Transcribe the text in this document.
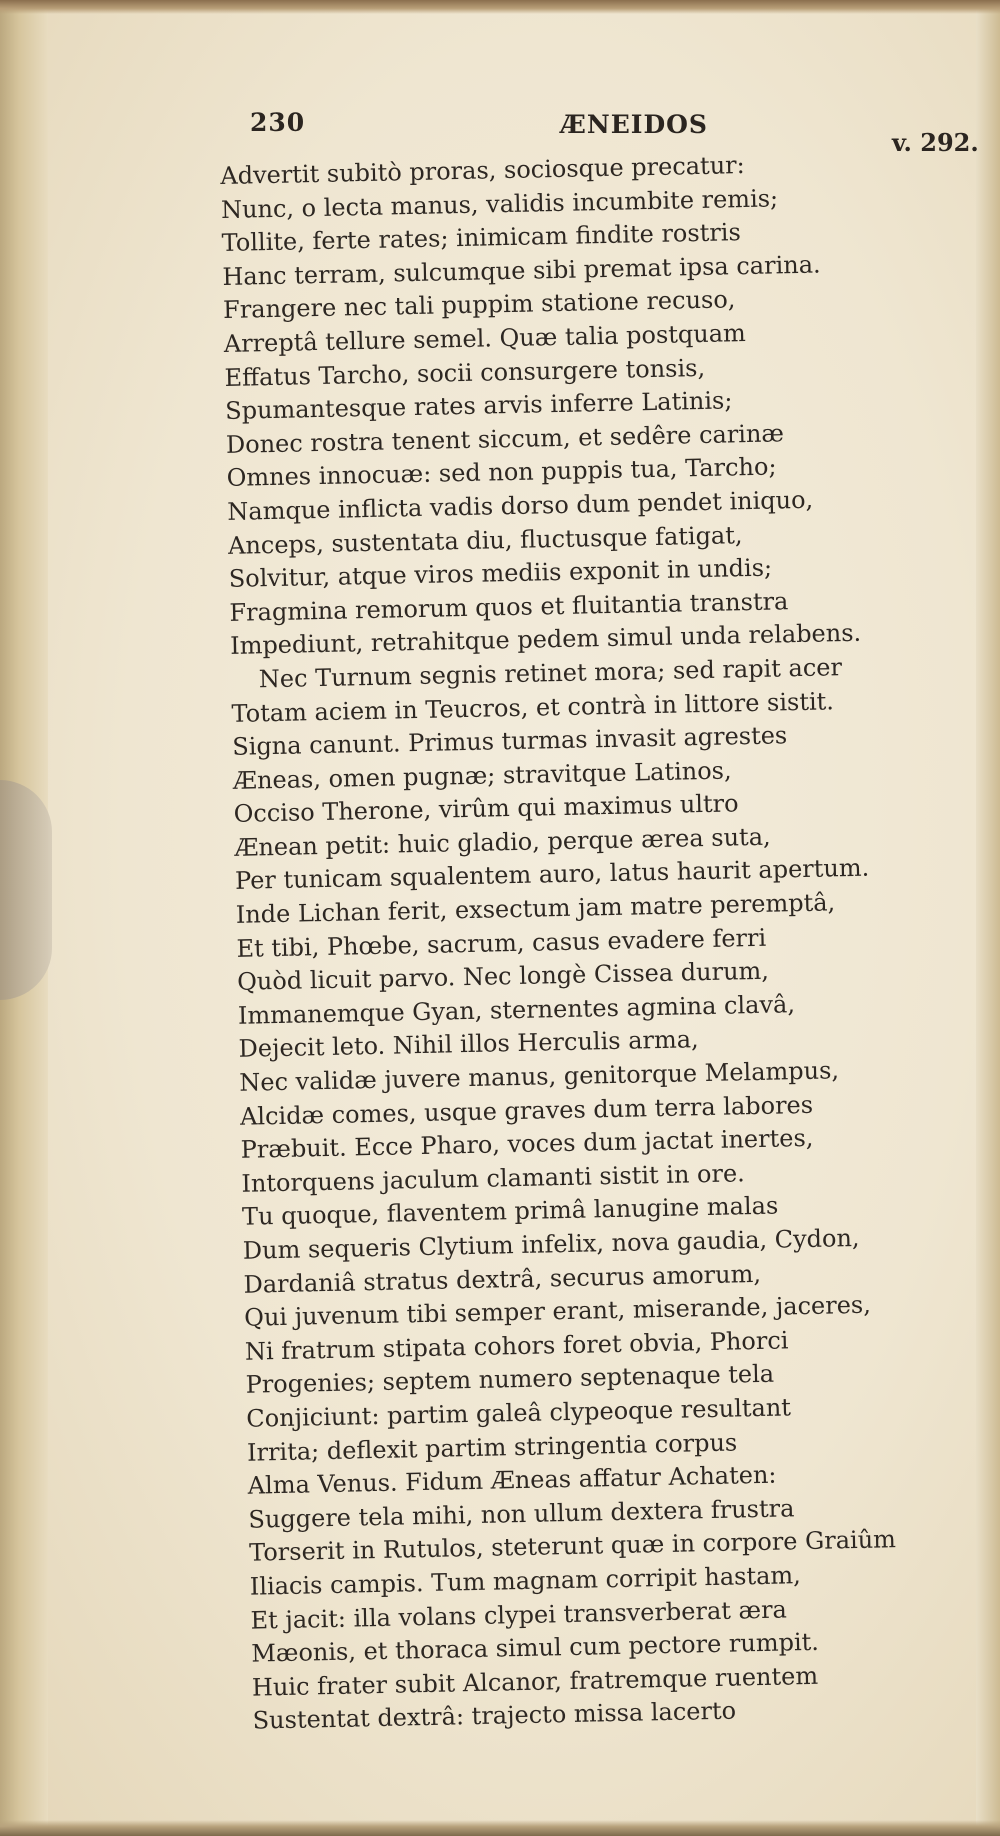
230	ÆNEIDOS
v. 292.
Advertit subitò proras, sociosque precatur:
Nunc, o lecta manus, validis incumbite remis;
Tollite, ferte rates; inimicam findite rostris
Hanc terram, sulcumque sibi premat ipsa carina.
Frangere nec tali puppim statione recuso,
Arreptâ tellure semel. Quæ talia postquam
Effatus Tarcho, socii consurgere tonsis,
Spumantesque rates arvis inferre Latinis;
Donec rostra tenent siccum, et sedêre carinæ
Omnes innocuæ: sed non puppis tua, Tarcho;
Namque inflicta vadis dorso dum pendet iniquo,
Anceps, sustentata diu, fluctusque fatigat,
Solvitur, atque viros mediis exponit in undis;
Fragmina remorum quos et fluitantia transtra
Impediunt, retrahitque pedem simul unda relabens.
Nec Turnum segnis retinet mora; sed rapit acer
Totam aciem in Teucros, et contrà in littore sistit.
Signa canunt. Primus turmas invasit agrestes
Æneas, omen pugnæ; stravitque Latinos,
Occiso Therone, virûm qui maximus ultro
Ænean petit: huic gladio, perque ærea suta,
Per tunicam squalentem auro, latus haurit apertum.
Inde Lichan ferit, exsectum jam matre peremptâ,
Et tibi, Phœbe, sacrum, casus evadere ferri
Quòd licuit parvo. Nec longè Cissea durum,
Immanemque Gyan, sternentes agmina clavâ,
Dejecit leto. Nihil illos Herculis arma,
Nec validæ juvere manus, genitorque Melampus,
Alcidæ comes, usque graves dum terra labores
Præbuit. Ecce Pharo, voces dum jactat inertes,
Intorquens jaculum clamanti sistit in ore.
Tu quoque, flaventem primâ lanugine malas
Dum sequeris Clytium infelix, nova gaudia, Cydon,
Dardaniâ stratus dextrâ, securus amorum,
Qui juvenum tibi semper erant, miserande, jaceres,
Ni fratrum stipata cohors foret obvia, Phorci
Progenies; septem numero septenaque tela
Conjiciunt: partim galeâ clypeoque resultant
Irrita; deflexit partim stringentia corpus
Alma Venus. Fidum Æneas affatur Achaten:
Suggere tela mihi, non ullum dextera frustra
Torserit in Rutulos, steterunt quæ in corpore Graiûm
Iliacis campis. Tum magnam corripit hastam,
Et jacit: illa volans clypei transverberat æra
Mæonis, et thoraca simul cum pectore rumpit.
Huic frater subit Alcanor, fratremque ruentem
Sustentat dextrâ: trajecto missa lacerto
